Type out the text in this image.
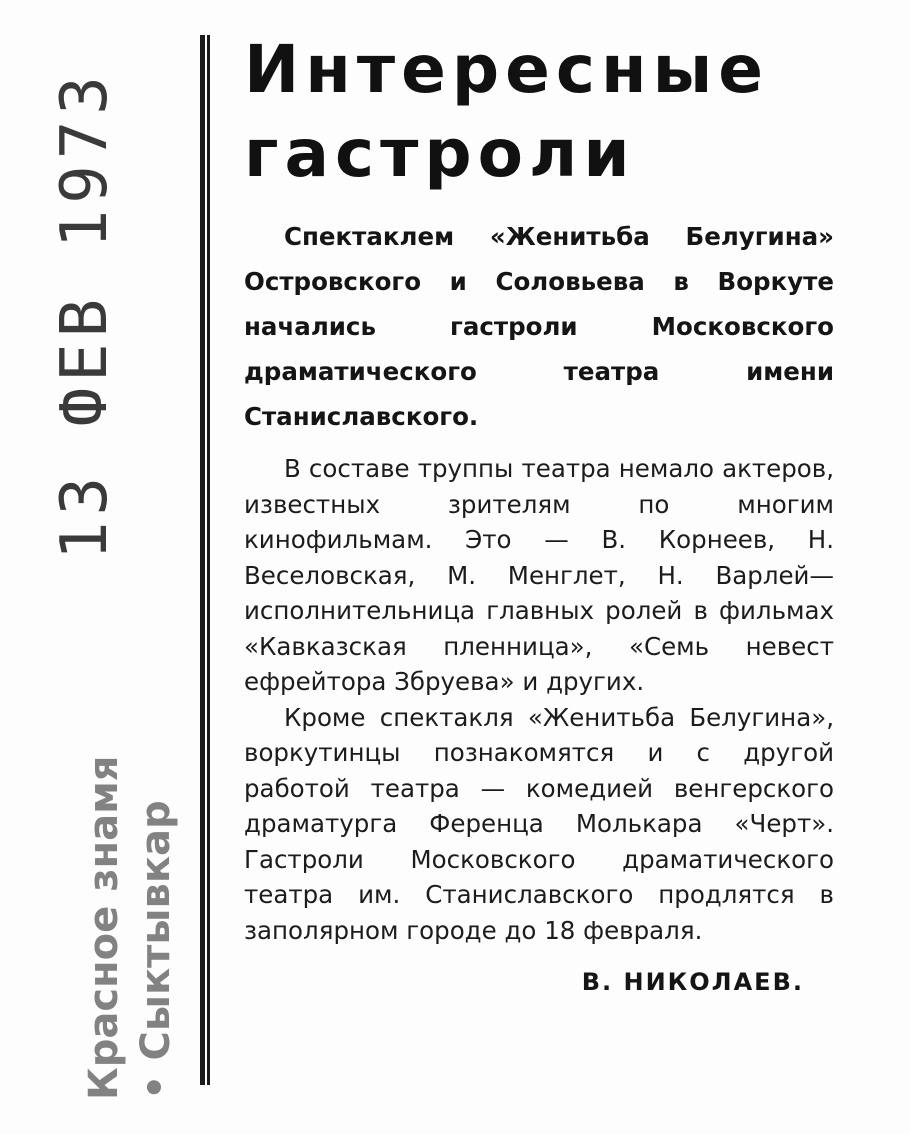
13 ФЕВ 1973
Красное знамя • Сыктывкар
Интересные
гастроли

Спектаклем «Женитьба Белугина» Островского и Соловьева в Воркуте начались гастроли Московского драматического театра имени Станиславского.

В составе труппы театра немало актеров, известных зрителям по многим кинофильмам. Это — В. Корнеев, Н. Веселовская, М. Менглет, Н. Варлей—исполнительница главных ролей в фильмах «Кавказская пленница», «Семь невест ефрейтора Збруева» и других.

Кроме спектакля «Женитьба Белугина», воркутинцы познакомятся и с другой работой театра — комедией венгерского драматурга Ференца Молькара «Черт». Гастроли Московского драматического театра им. Станиславского продлятся в заполярном городе до 18 февраля.

В. НИКОЛАЕВ.
